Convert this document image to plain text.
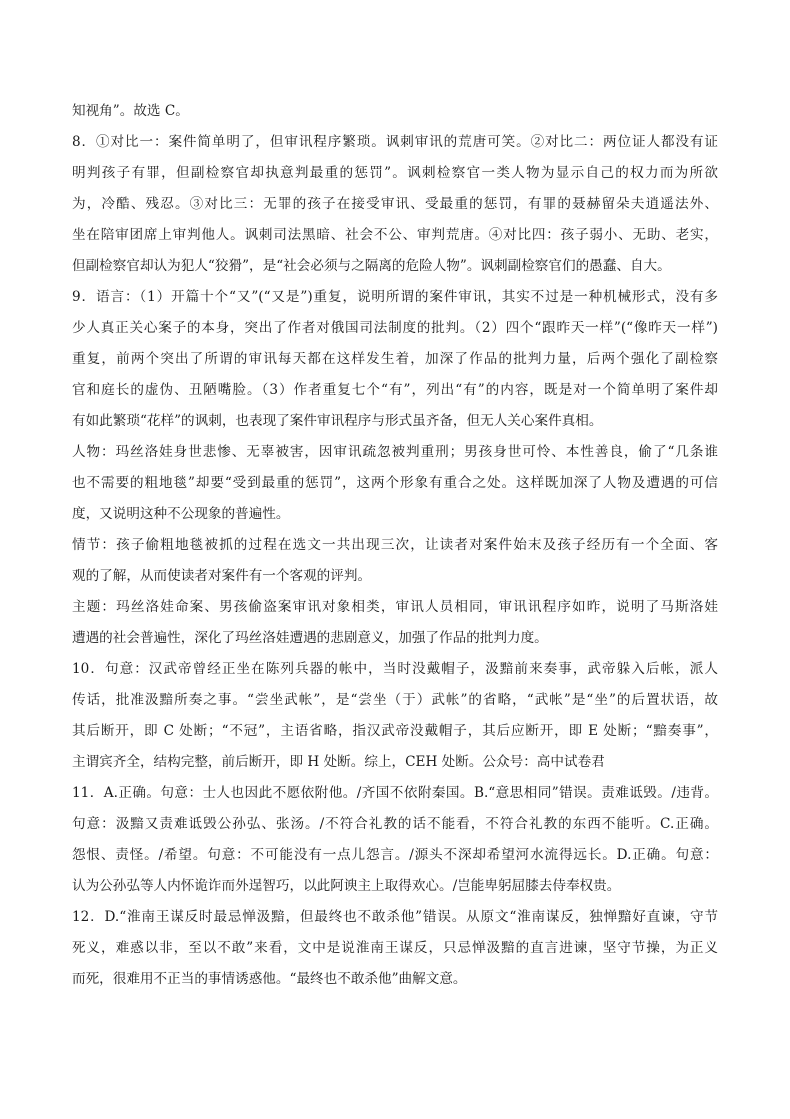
知视角”。故选 C。

8．①对比一：案件简单明了，但审讯程序繁琐。讽刺审讯的荒唐可笑。②对比二：两位证人都没有证
明判孩子有罪，但副检察官却执意判最重的惩罚”。讽刺检察官一类人物为显示自己的权力而为所欲
为，冷酷、残忍。③对比三：无罪的孩子在接受审讯、受最重的惩罚，有罪的聂赫留朵夫逍遥法外、
坐在陪审团席上审判他人。讽刺司法黑暗、社会不公、审判荒唐。④对比四：孩子弱小、无助、老实，
但副检察官却认为犯人“狡猾”，是“社会必须与之隔离的危险人物”。讽刺副检察官们的愚蠢、自大。

9．语言：（1）开篇十个“又”(“又是”)重复，说明所谓的案件审讯，其实不过是一种机械形式，没有多
少人真正关心案子的本身，突出了作者对俄国司法制度的批判。（2）四个“跟昨天一样”(“像昨天一样”)
重复，前两个突出了所谓的审讯每天都在这样发生着，加深了作品的批判力量，后两个强化了副检察
官和庭长的虚伪、丑陋嘴脸。（3）作者重复七个“有”，列出“有”的内容，既是对一个简单明了案件却
有如此繁琐“花样”的讽刺，也表现了案件审讯程序与形式虽齐备，但无人关心案件真相。

人物：玛丝洛娃身世悲惨、无辜被害，因审讯疏忽被判重刑；男孩身世可怜、本性善良，偷了“几条谁
也不需要的粗地毯”却要“受到最重的惩罚”，这两个形象有重合之处。这样既加深了人物及遭遇的可信
度，又说明这种不公现象的普遍性。

情节：孩子偷粗地毯被抓的过程在选文一共出现三次，让读者对案件始末及孩子经历有一个全面、客
观的了解，从而使读者对案件有一个客观的评判。

主题：玛丝洛娃命案、男孩偷盗案审讯对象相类，审讯人员相同，审讯讯程序如昨，说明了马斯洛娃
遭遇的社会普遍性，深化了玛丝洛娃遭遇的悲剧意义，加强了作品的批判力度。

10．句意：汉武帝曾经正坐在陈列兵器的帐中，当时没戴帽子，汲黯前来奏事，武帝躲入后帐，派人
传话，批准汲黯所奏之事。“尝坐武帐”，是“尝坐（于）武帐”的省略，“武帐”是“坐”的后置状语，故
其后断开，即 C 处断；“不冠”，主语省略，指汉武帝没戴帽子，其后应断开，即 E 处断；“黯奏事”，
主谓宾齐全，结构完整，前后断开，即 H 处断。综上，CEH 处断。公众号：高中试卷君

11．A.正确。句意：士人也因此不愿依附他。/齐国不依附秦国。B.“意思相同”错误。责难诋毁。/违背。
句意：汲黯又责难诋毁公孙弘、张汤。/不符合礼教的话不能看，不符合礼教的东西不能听。C.正确。
怨恨、责怪。/希望。句意：不可能没有一点儿怨言。/源头不深却希望河水流得远长。D.正确。句意：
认为公孙弘等人内怀诡诈而外逞智巧，以此阿谀主上取得欢心。/岂能卑躬屈膝去侍奉权贵。

12．D.“淮南王谋反时最忌惮汲黯，但最终也不敢杀他”错误。从原文“淮南谋反，独惮黯好直谏，守节
死义，难惑以非，至以不敢”来看，文中是说淮南王谋反，只忌惮汲黯的直言进谏，坚守节操，为正义
而死，很难用不正当的事情诱惑他。“最终也不敢杀他”曲解文意。
